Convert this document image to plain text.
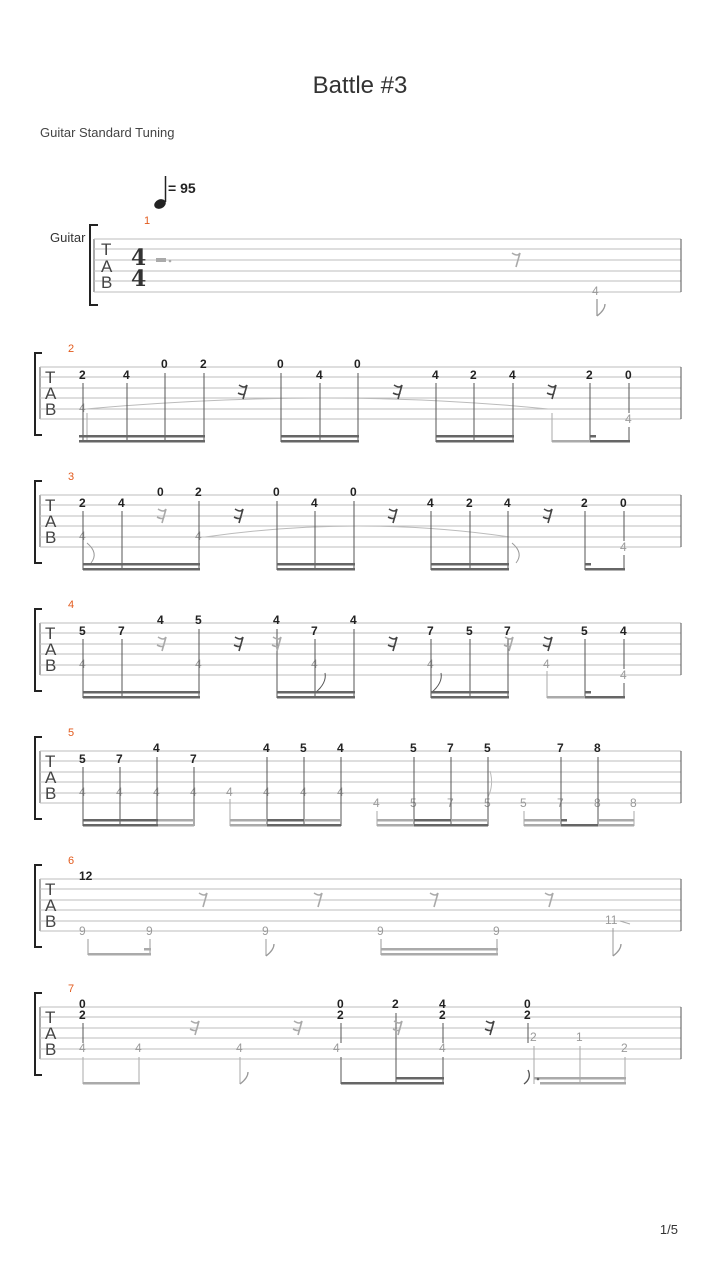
Battle #3
Guitar Standard Tuning
= 95
Guitar
1
T
A
B
4
4	4
2
T
A
B
2	4
0	2	0
4
0
4	2	4	2	0
4
4
3
T
A
B
2	4
0	2	0
4
0
4	2	4	2	0
4	4
4
4
T
A
B
5	7
4	5	4
7
4
7	5	7	5	4
4	4	4	4	4
4
5
T
A
B
5	7
4
7
4	5	4	5	7	5	7	8
4	4	4	4 4	4	4	4
4	5	7	5 5	7	8 8
6
T
A
B
12
9	9	9	9	9
11
7
T
A
B
0
2
0
2
2	4
2
0
2
4	4	4	4	4
2	1
2
1/5
